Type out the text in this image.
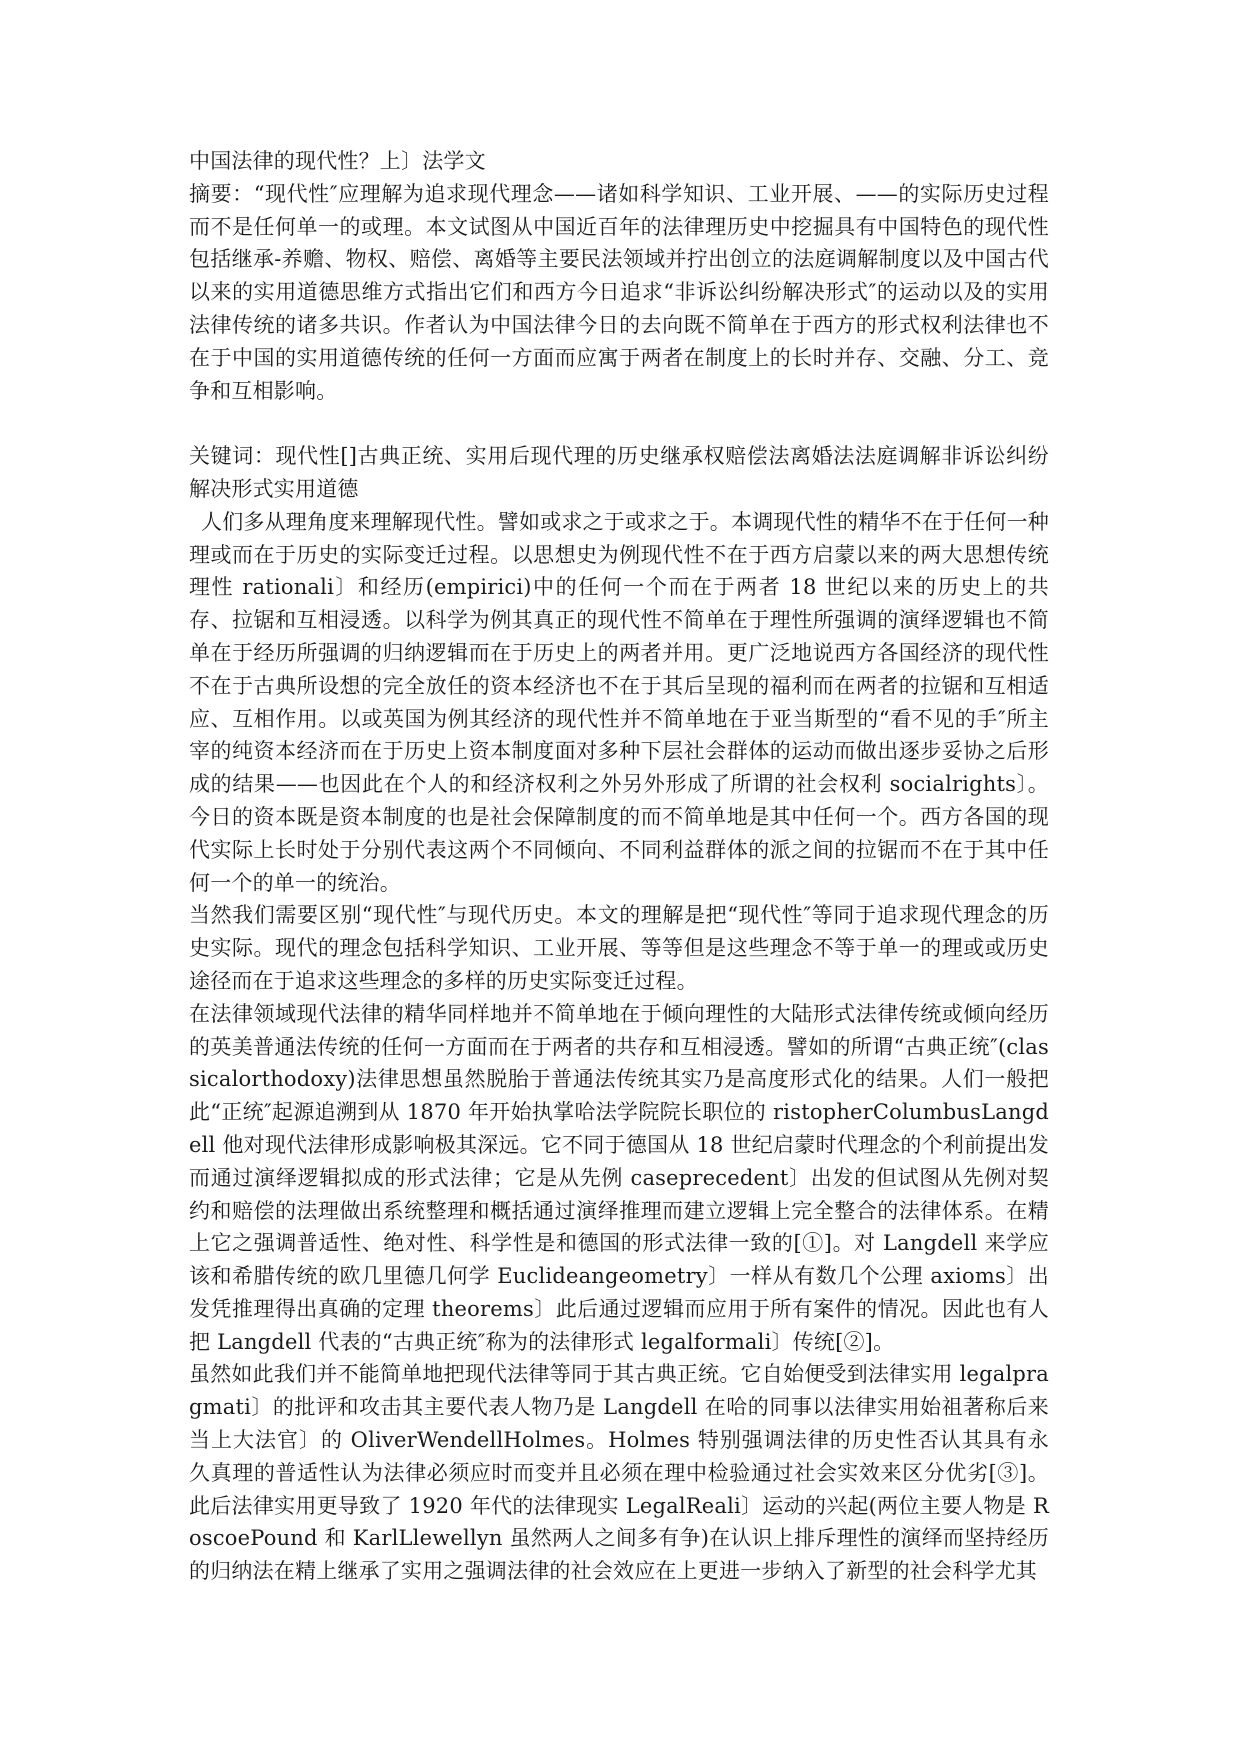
中国法律的现代性？上〕法学文

摘要：“现代性″应理解为追求现代理念——诸如科学知识、工业开展、——的实际历史过程而不是任何单一的或理。本文试图从中国近百年的法律理历史中挖掘具有中国特色的现代性包括继承-养赡、物权、赔偿、离婚等主要民法领域并拧出创立的法庭调解制度以及中国古代以来的实用道德思维方式指出它们和西方今日追求“非诉讼纠纷解决形式″的运动以及的实用法律传统的诸多共识。作者认为中国法律今日的去向既不简单在于西方的形式权利法律也不在于中国的实用道德传统的任何一方面而应寓于两者在制度上的长时并存、交融、分工、竞争和互相影响。

关键词：现代性[]古典正统、实用后现代理的历史继承权赔偿法离婚法法庭调解非诉讼纠纷解决形式实用道德

人们多从理角度来理解现代性。譬如或求之于或求之于。本调现代性的精华不在于任何一种理或而在于历史的实际变迁过程。以思想史为例现代性不在于西方启蒙以来的两大思想传统理性 rationali〕和经历(empirici)中的任何一个而在于两者 18 世纪以来的历史上的共存、拉锯和互相浸透。以科学为例其真正的现代性不简单在于理性所强调的演绎逻辑也不简单在于经历所强调的归纳逻辑而在于历史上的两者并用。更广泛地说西方各国经济的现代性不在于古典所设想的完全放任的资本经济也不在于其后呈现的福利而在两者的拉锯和互相适应、互相作用。以或英国为例其经济的现代性并不简单地在于亚当斯型的“看不见的手″所主宰的纯资本经济而在于历史上资本制度面对多种下层社会群体的运动而做出逐步妥协之后形成的结果——也因此在个人的和经济权利之外另外形成了所谓的社会权利 socialrights〕。今日的资本既是资本制度的也是社会保障制度的而不简单地是其中任何一个。西方各国的现代实际上长时处于分别代表这两个不同倾向、不同利益群体的派之间的拉锯而不在于其中任何一个的单一的统治。

当然我们需要区别“现代性″与现代历史。本文的理解是把“现代性″等同于追求现代理念的历史实际。现代的理念包括科学知识、工业开展、等等但是这些理念不等于单一的理或或历史途径而在于追求这些理念的多样的历史实际变迁过程。

在法律领域现代法律的精华同样地并不简单地在于倾向理性的大陆形式法律传统或倾向经历的英美普通法传统的任何一方面而在于两者的共存和互相浸透。譬如的所谓“古典正统″(classicalorthodoxy)法律思想虽然脱胎于普通法传统其实乃是高度形式化的结果。人们一般把此“正统″起源追溯到从 1870 年开始执掌哈法学院院长职位的 ristopherColumbusLangdell 他对现代法律形成影响极其深远。它不同于德国从 18 世纪启蒙时代理念的个利前提出发而通过演绎逻辑拟成的形式法律；它是从先例 caseprecedent〕出发的但试图从先例对契约和赔偿的法理做出系统整理和概括通过演绎推理而建立逻辑上完全整合的法律体系。在精上它之强调普适性、绝对性、科学性是和德国的形式法律一致的[①]。对 Langdell 来学应该和希腊传统的欧几里德几何学 Euclideangeometry〕一样从有数几个公理 axioms〕出发凭推理得出真确的定理 theorems〕此后通过逻辑而应用于所有案件的情况。因此也有人把 Langdell 代表的“古典正统″称为的法律形式 legalformali〕传统[②]。

虽然如此我们并不能简单地把现代法律等同于其古典正统。它自始便受到法律实用 legalpragmati〕的批评和攻击其主要代表人物乃是 Langdell 在哈的同事以法律实用始祖著称后来当上大法官〕的 OliverWendellHolmes。Holmes 特别强调法律的历史性否认其具有永久真理的普适性认为法律必须应时而变并且必须在理中检验通过社会实效来区分优劣[③]。此后法律实用更导致了 1920 年代的法律现实 LegalReali〕运动的兴起(两位主要人物是 RoscoePound 和 KarlLlewellyn 虽然两人之间多有争)在认识上排斥理性的演绎而坚持经历的归纳法在精上继承了实用之强调法律的社会效应在上更进一步纳入了新型的社会科学尤其
